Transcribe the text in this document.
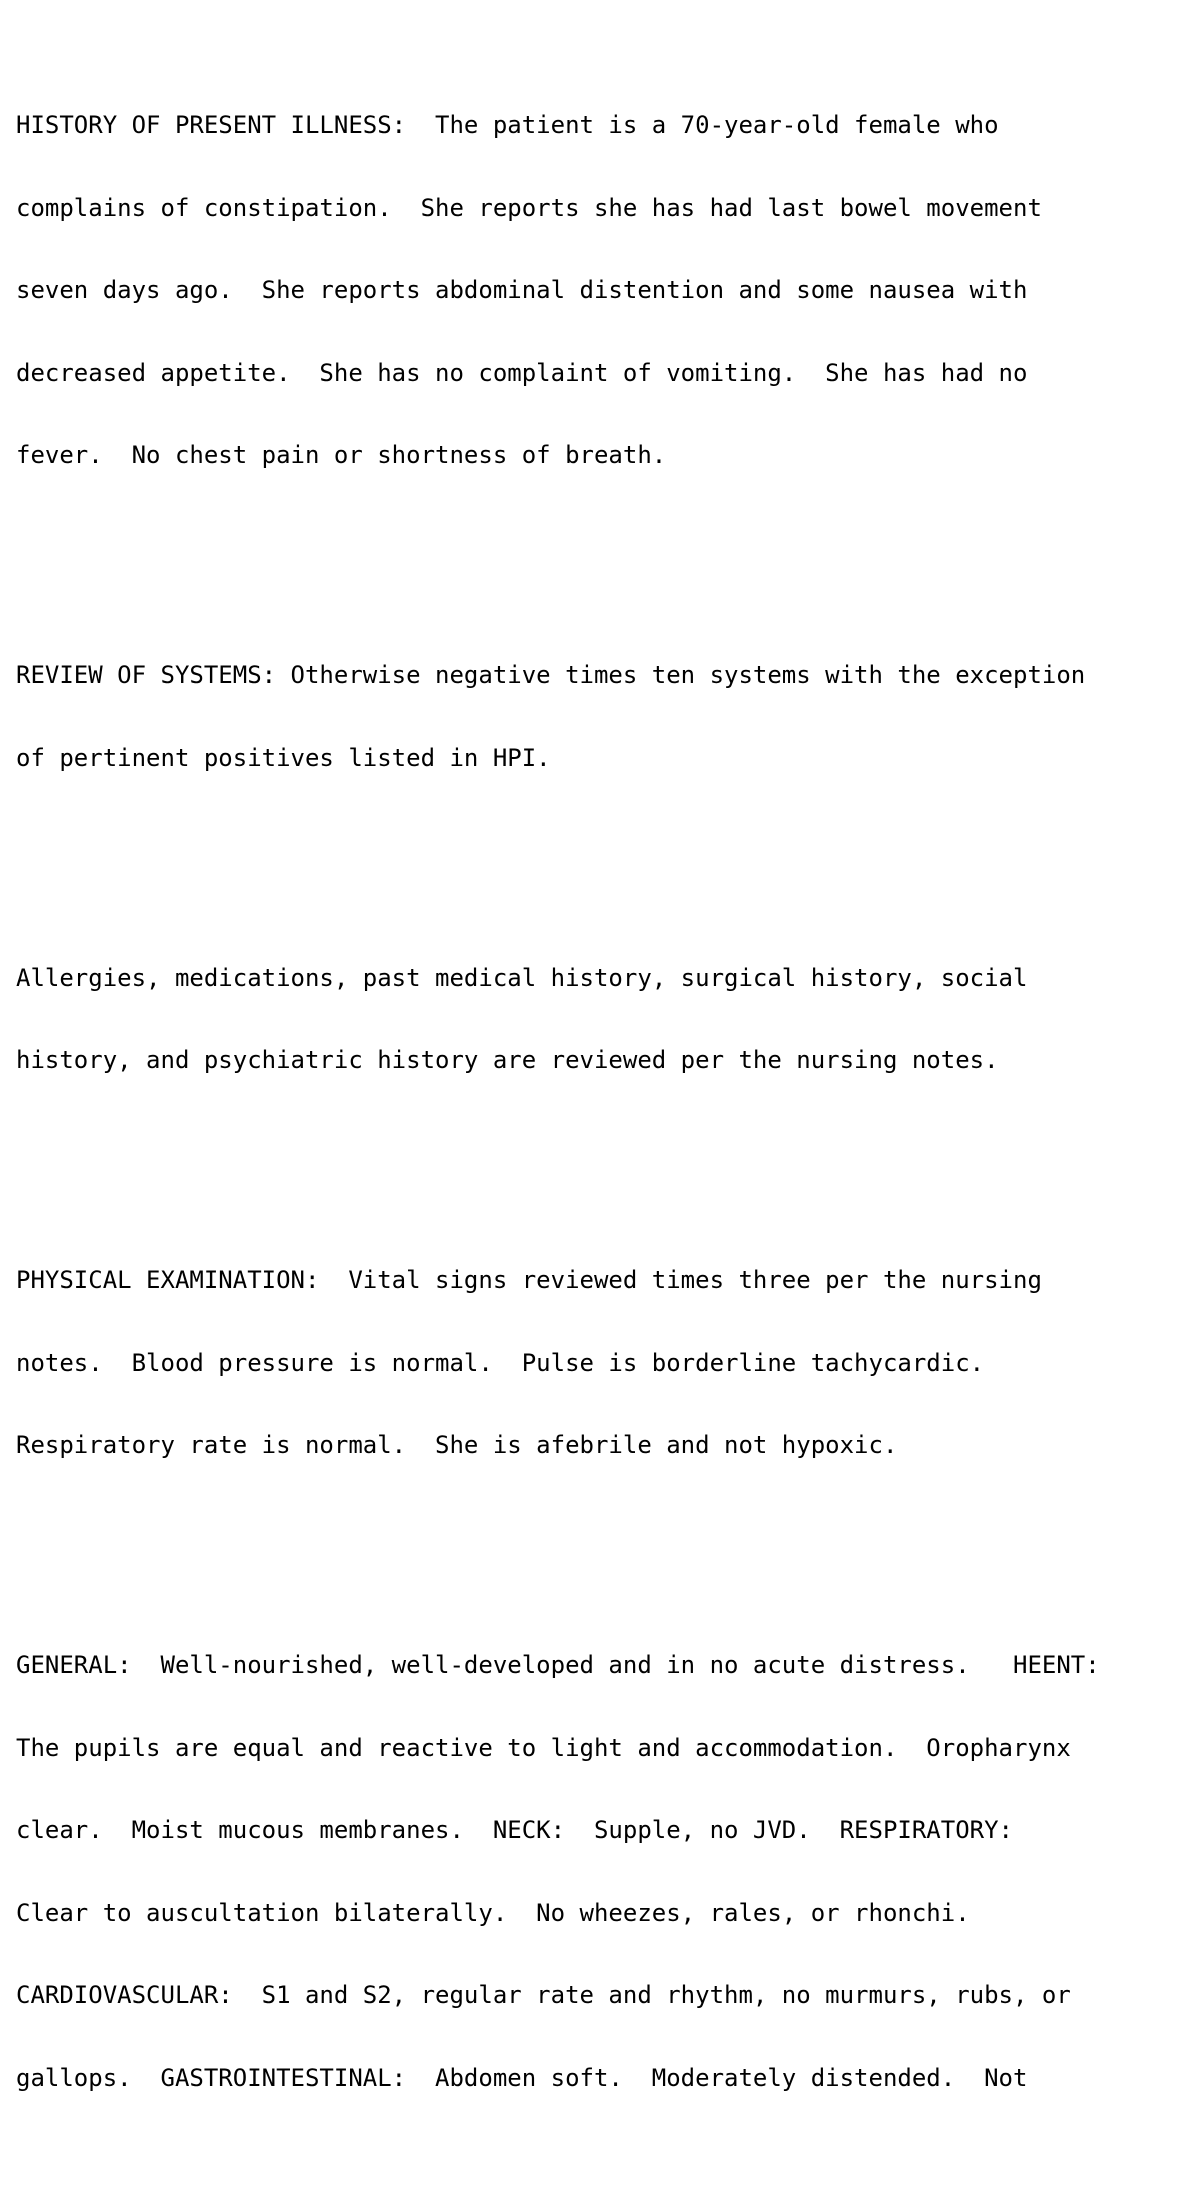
HISTORY OF PRESENT ILLNESS:  The patient is a 70-year-old female who

complains of constipation.  She reports she has had last bowel movement

seven days ago.  She reports abdominal distention and some nausea with

decreased appetite.  She has no complaint of vomiting.  She has had no

fever.  No chest pain or shortness of breath.

REVIEW OF SYSTEMS: Otherwise negative times ten systems with the exception

of pertinent positives listed in HPI.

Allergies, medications, past medical history, surgical history, social

history, and psychiatric history are reviewed per the nursing notes.

PHYSICAL EXAMINATION:  Vital signs reviewed times three per the nursing

notes.  Blood pressure is normal.  Pulse is borderline tachycardic.

Respiratory rate is normal.  She is afebrile and not hypoxic.

GENERAL:  Well-nourished, well-developed and in no acute distress.   HEENT:

The pupils are equal and reactive to light and accommodation.  Oropharynx

clear.  Moist mucous membranes.  NECK:  Supple, no JVD.  RESPIRATORY:

Clear to auscultation bilaterally.  No wheezes, rales, or rhonchi.

CARDIOVASCULAR:  S1 and S2, regular rate and rhythm, no murmurs, rubs, or

gallops.  GASTROINTESTINAL:  Abdomen soft.  Moderately distended.  Not
